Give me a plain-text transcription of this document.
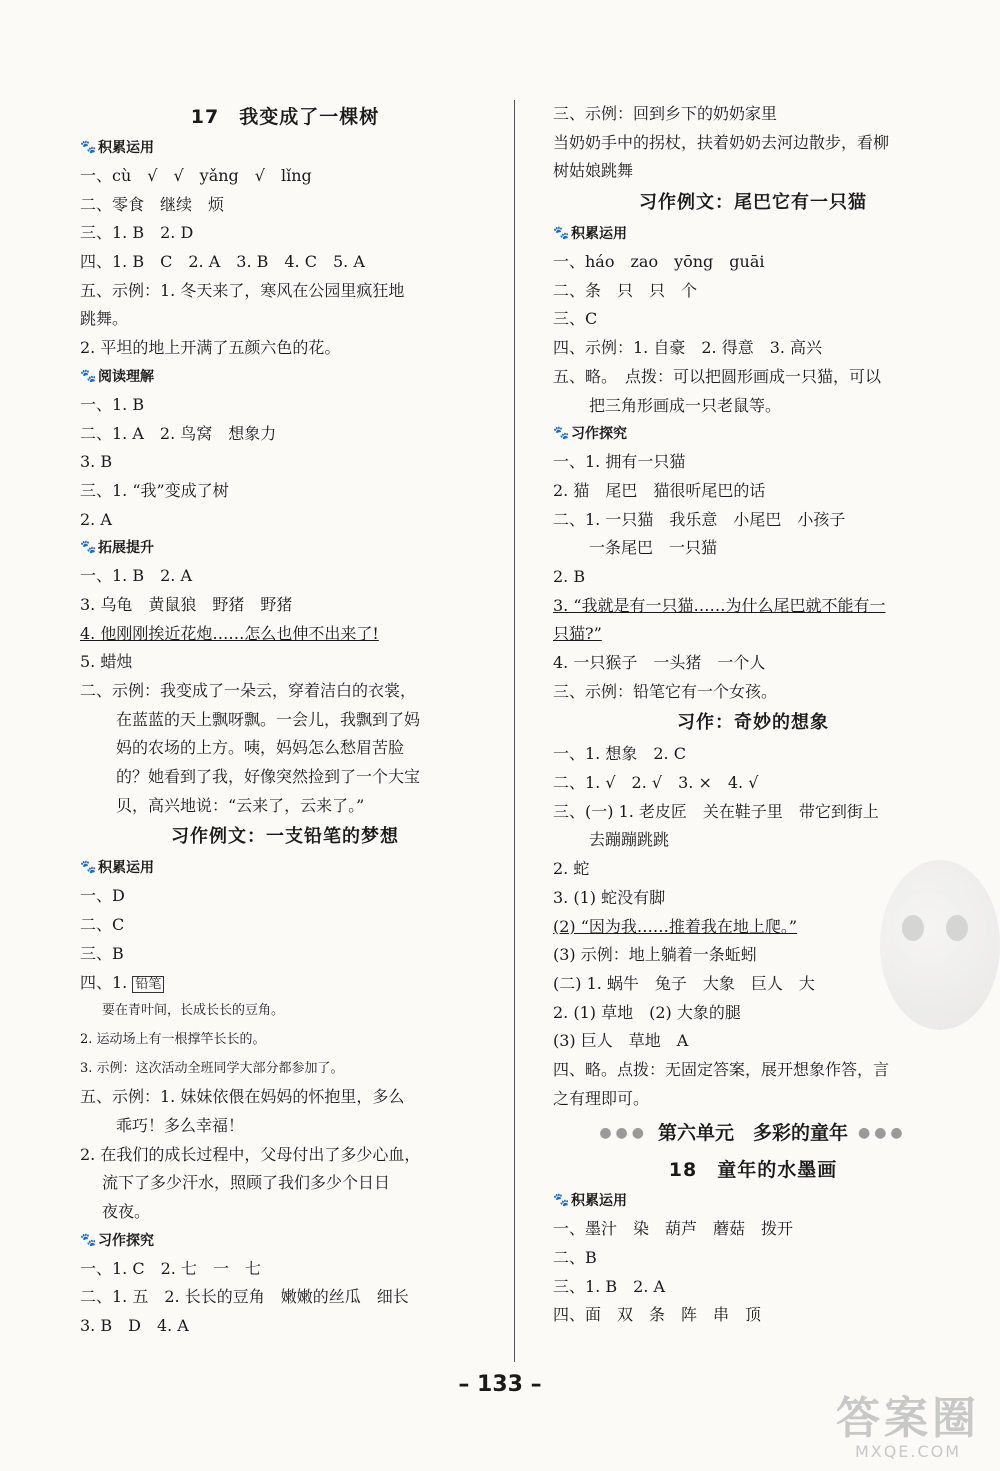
17　我变成了一棵树
🐾 积累运用
一、cù　√　√　yǎng　√　lǐng
二、零食　继续　烦
三、1. B　2. D
四、1. B　C　2. A　3. B　4. C　5. A
五、示例：1. 冬天来了，寒风在公园里疯狂地
跳舞。
2. 平坦的地上开满了五颜六色的花。
🐾 阅读理解
一、1. B
二、1. A　2. 鸟窝　想象力
3. B
三、1. “我”变成了树
2. A
🐾 拓展提升
一、1. B　2. A
3. 乌龟　黄鼠狼　野猪　野猪
4. 他刚刚挨近花炮……怎么也伸不出来了!
5. 蜡烛
二、示例：我变成了一朵云，穿着洁白的衣裳，
在蓝蓝的天上飘呀飘。一会儿，我飘到了妈
妈的农场的上方。咦，妈妈怎么愁眉苦脸
的？她看到了我，好像突然捡到了一个大宝
贝，高兴地说：“云来了，云来了。”
习作例文：一支铅笔的梦想
🐾 积累运用
一、D
二、C
三、B
四、1. 铅笔
要在青叶间，长成长长的豆角。
2. 运动场上有一根撑竿长长的。
3. 示例：这次活动全班同学大部分都参加了。
五、示例：1. 妹妹依偎在妈妈的怀抱里，多么
乖巧！多么幸福！
2. 在我们的成长过程中，父母付出了多少心血，
流下了多少汗水，照顾了我们多少个日日
夜夜。
🐾 习作探究
一、1. C　2. 七　一　七
二、1. 五　2. 长长的豆角　嫩嫩的丝瓜　细长
3. B　D　4. A
三、示例：回到乡下的奶奶家里
当奶奶手中的拐杖，扶着奶奶去河边散步，看柳
树姑娘跳舞
习作例文：尾巴它有一只猫
🐾 积累运用
一、háo　zao　yōng　guāi
二、条　只　只　个
三、C
四、示例：1. 自豪　2. 得意　3. 高兴
五、略。　点拨：可以把圆形画成一只猫，可以
把三角形画成一只老鼠等。
🐾 习作探究
一、1. 拥有一只猫
2. 猫　尾巴　猫很听尾巴的话
二、1. 一只猫　我乐意　小尾巴　小孩子
一条尾巴　一只猫
2. B
3. “我就是有一只猫……为什么尾巴就不能有一
只猫?”
4. 一只猴子　一头猪　一个人
三、示例：铅笔它有一个女孩。
习作：奇妙的想象
一、1. 想象　2. C
二、1. √　2. √　3. ×　4. √
三、(一) 1. 老皮匠　关在鞋子里　带它到街上
去蹦蹦跳跳
2. 蛇
3. (1) 蛇没有脚
(2) “因为我……推着我在地上爬。”
(3) 示例：地上躺着一条蚯蚓
(二) 1. 蜗牛　兔子　大象　巨人　大
2. (1) 草地　(2) 大象的腿
(3) 巨人　草地　A
四、略。点拨：无固定答案，展开想象作答，言
之有理即可。
●●● 第六单元　多彩的童年 ●●●
18　童年的水墨画
🐾 积累运用
一、墨汁　染　葫芦　蘑菇　拨开
二、B
三、1. B　2. A
四、面　双　条　阵　串　顶
– 133 –
答案圈
MXQE.COM
